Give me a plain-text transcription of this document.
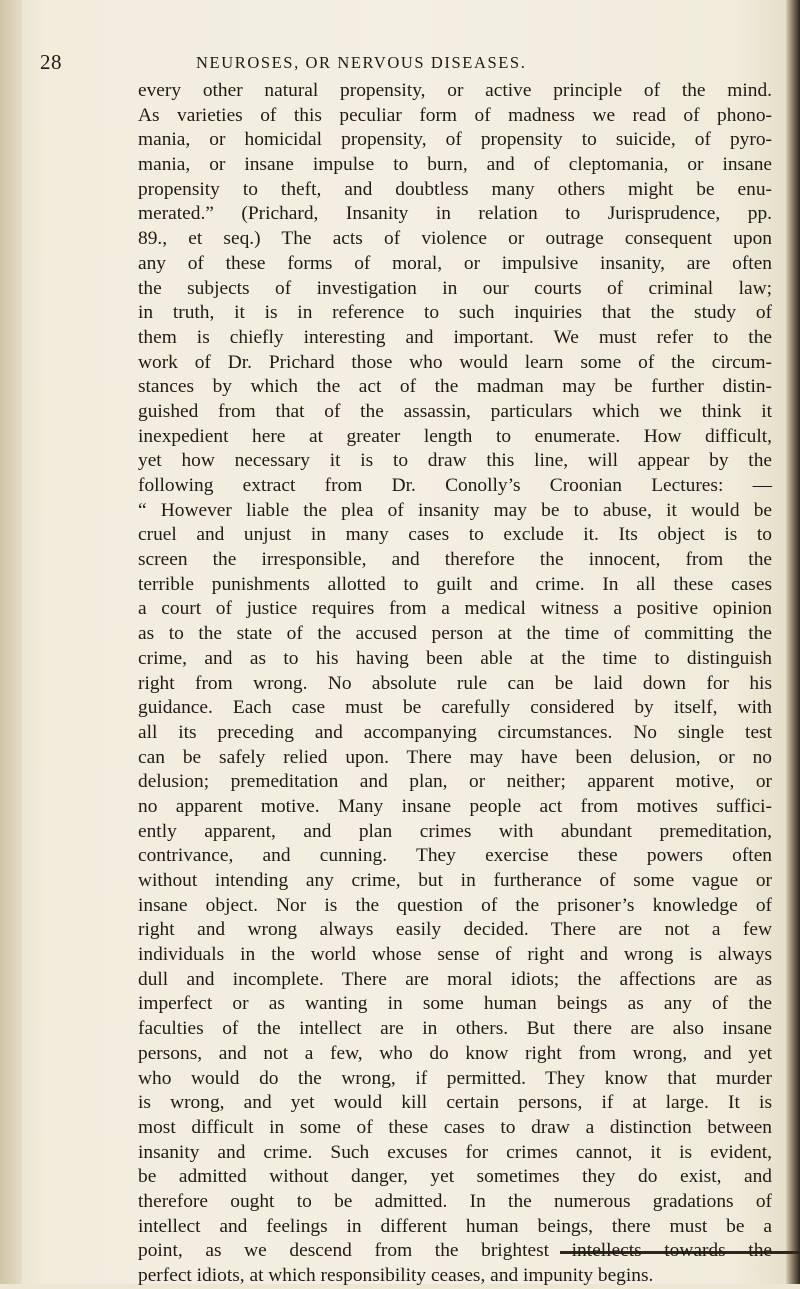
28	NEUROSES, OR NERVOUS DISEASES.
every other natural propensity, or active principle of the mind.
As varieties of this peculiar form of madness we read of phono-
mania, or homicidal propensity, of propensity to suicide, of pyro-
mania, or insane impulse to burn, and of cleptomania, or insane
propensity to theft, and doubtless many others might be enu-
merated.” (Prichard, Insanity in relation to Jurisprudence, pp.
89., et seq.) The acts of violence or outrage consequent upon
any of these forms of moral, or impulsive insanity, are often
the subjects of investigation in our courts of criminal law;
in truth, it is in reference to such inquiries that the study of
them is chiefly interesting and important. We must refer to the
work of Dr. Prichard those who would learn some of the circum-
stances by which the act of the madman may be further distin-
guished from that of the assassin, particulars which we think it
inexpedient here at greater length to enumerate. How difficult,
yet how necessary it is to draw this line, will appear by the
following extract from Dr. Conolly’s Croonian Lectures: —
“ However liable the plea of insanity may be to abuse, it would be
cruel and unjust in many cases to exclude it. Its object is to
screen the irresponsible, and therefore the innocent, from the
terrible punishments allotted to guilt and crime. In all these cases
a court of justice requires from a medical witness a positive opinion
as to the state of the accused person at the time of committing the
crime, and as to his having been able at the time to distinguish
right from wrong. No absolute rule can be laid down for his
guidance. Each case must be carefully considered by itself, with
all its preceding and accompanying circumstances. No single test
can be safely relied upon. There may have been delusion, or no
delusion; premeditation and plan, or neither; apparent motive, or
no apparent motive. Many insane people act from motives suffici-
ently apparent, and plan crimes with abundant premeditation,
contrivance, and cunning. They exercise these powers often
without intending any crime, but in furtherance of some vague or
insane object. Nor is the question of the prisoner’s knowledge of
right and wrong always easily decided. There are not a few
individuals in the world whose sense of right and wrong is always
dull and incomplete. There are moral idiots; the affections are as
imperfect or as wanting in some human beings as any of the
faculties of the intellect are in others. But there are also insane
persons, and not a few, who do know right from wrong, and yet
who would do the wrong, if permitted. They know that murder
is wrong, and yet would kill certain persons, if at large. It is
most difficult in some of these cases to draw a distinction between
insanity and crime. Such excuses for crimes cannot, it is evident,
be admitted without danger, yet sometimes they do exist, and
therefore ought to be admitted. In the numerous gradations of
intellect and feelings in different human beings, there must be a
point, as we descend from the brightest intellects towards the
perfect idiots, at which responsibility ceases, and impunity begins.
